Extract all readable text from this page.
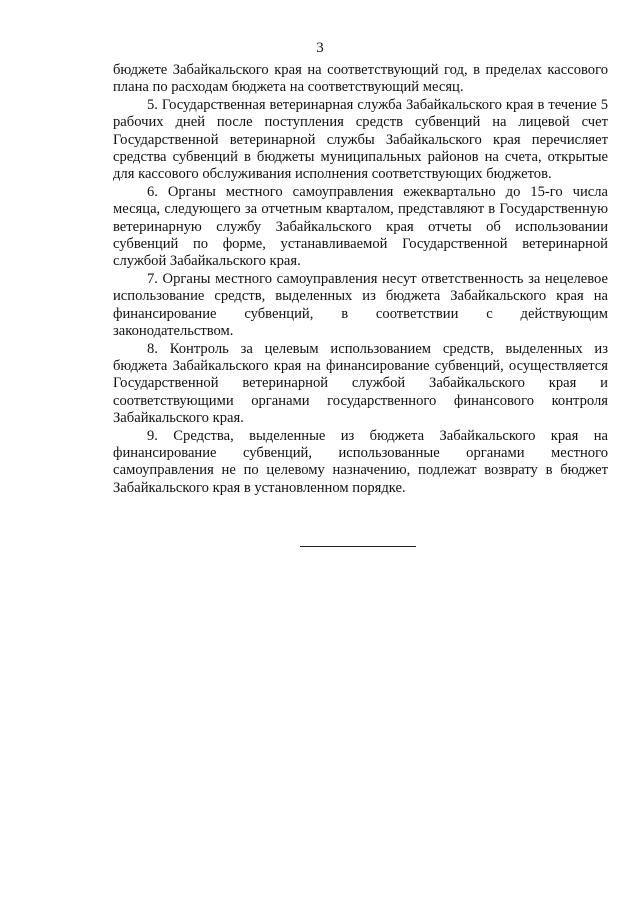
3

бюджете Забайкальского края на соответствующий год, в пределах кассового плана по расходам бюджета на соответствующий месяц.

5. Государственная ветеринарная служба Забайкальского края в течение 5 рабочих дней после поступления средств субвенций на лицевой счет Государственной ветеринарной службы Забайкальского края перечисляет средства субвенций в бюджеты муниципальных районов на счета, открытые для кассового обслуживания исполнения соответствующих бюджетов.

6. Органы местного самоуправления ежеквартально до 15-го числа месяца, следующего за отчетным кварталом, представляют в Государственную ветеринарную службу Забайкальского края отчеты об использовании субвенций по форме, устанавливаемой Государственной ветеринарной службой Забайкальского края.

7. Органы местного самоуправления несут ответственность за нецелевое использование средств, выделенных из бюджета Забайкальского края на финансирование субвенций, в соответствии с действующим законодательством.

8. Контроль за целевым использованием средств, выделенных из бюджета Забайкальского края на финансирование субвенций, осуществляется Государственной ветеринарной службой Забайкальского края и соответствующими органами государственного финансового контроля Забайкальского края.

9. Средства, выделенные из бюджета Забайкальского края на финансирование субвенций, использованные органами местного самоуправления не по целевому назначению, подлежат возврату в бюджет Забайкальского края в установленном порядке.
